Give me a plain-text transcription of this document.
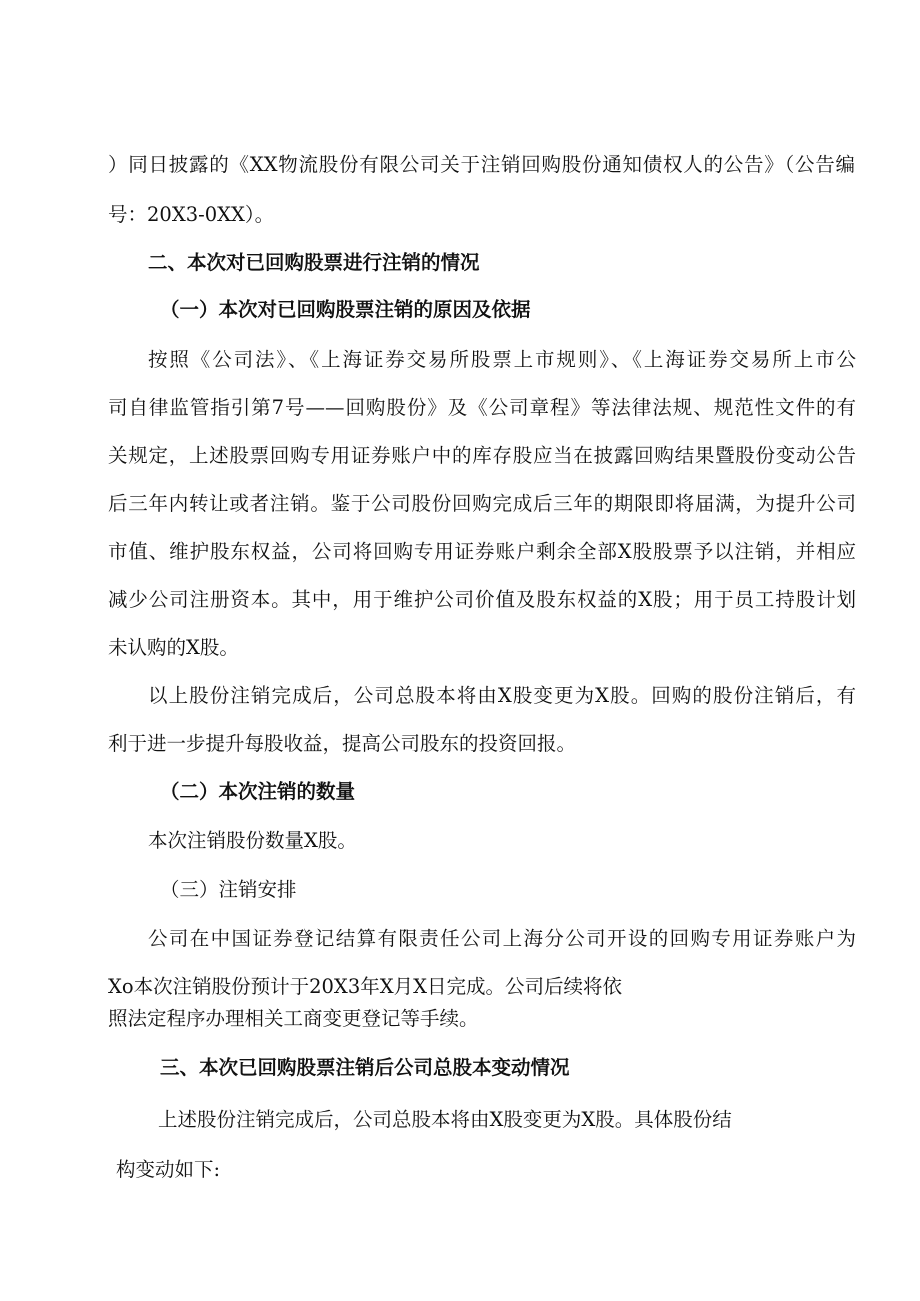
）同日披露的《XX物流股份有限公司关于注销回购股份通知债权人的公告》（公告编

号：20X3-0XX）。

二、本次对已回购股票进行注销的情况

（一）本次对已回购股票注销的原因及依据

按照《公司法》、《上海证券交易所股票上市规则》、《上海证券交易所上市公

司自律监管指引第7号——回购股份》及《公司章程》等法律法规、规范性文件的有

关规定，上述股票回购专用证券账户中的库存股应当在披露回购结果暨股份变动公告

后三年内转让或者注销。鉴于公司股份回购完成后三年的期限即将届满，为提升公司

市值、维护股东权益，公司将回购专用证券账户剩余全部X股股票予以注销，并相应

减少公司注册资本。其中，用于维护公司价值及股东权益的X股；用于员工持股计划

未认购的X股。

以上股份注销完成后，公司总股本将由X股变更为X股。回购的股份注销后，有

利于进一步提升每股收益，提高公司股东的投资回报。

（二）本次注销的数量

本次注销股份数量X股。

（三）注销安排

公司在中国证券登记结算有限责任公司上海分公司开设的回购专用证券账户为

Xo本次注销股份预计于20X3年X月X日完成。公司后续将依

照法定程序办理相关工商变更登记等手续。

三、本次已回购股票注销后公司总股本变动情况

上述股份注销完成后，公司总股本将由X股变更为X股。具体股份结

构变动如下:
